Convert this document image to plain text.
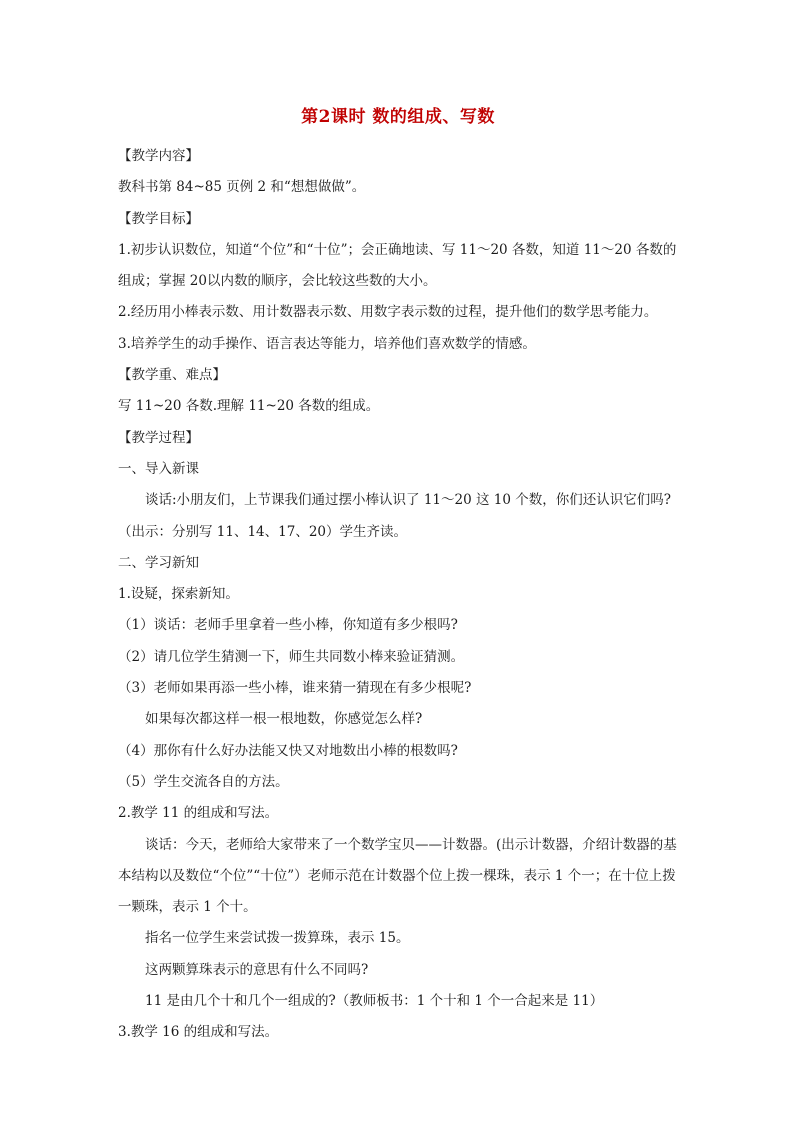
第2课时 数的组成、写数
【教学内容】
教科书第 84~85 页例 2 和“想想做做”。
【教学目标】
1.初步认识数位，知道“个位”和“十位”；会正确地读、写 11～20 各数，知道 11～20 各数的组成；掌握 20以内数的顺序，会比较这些数的大小。
2.经历用小棒表示数、用计数器表示数、用数字表示数的过程，提升他们的数学思考能力。
3.培养学生的动手操作、语言表达等能力，培养他们喜欢数学的情感。
【教学重、难点】
写 11~20 各数.理解 11~20 各数的组成。
【教学过程】
一、导入新课
谈话:小朋友们，上节课我们通过摆小棒认识了 11～20 这 10 个数，你们还认识它们吗?（出示：分别写 11、14、17、20）学生齐读。
二、学习新知
1.设疑，探索新知。
（1）谈话：老师手里拿着一些小棒，你知道有多少根吗?
（2）请几位学生猜测一下，师生共同数小棒来验证猜测。
（3）老师如果再添一些小棒，谁来猜一猜现在有多少根呢?
如果每次都这样一根一根地数，你感觉怎么样?
（4）那你有什么好办法能又快又对地数出小棒的根数吗?
（5）学生交流各自的方法。
2.教学 11 的组成和写法。
谈话：今天，老师给大家带来了一个数学宝贝——计数器。(出示计数器，介绍计数器的基本结构以及数位“个位”“十位”）老师示范在计数器个位上拨一棵珠，表示 1 个一；在十位上拨一颗珠，表示 1 个十。
指名一位学生来尝试拨一拨算珠，表示 15。
这两颗算珠表示的意思有什么不同吗?
11 是由几个十和几个一组成的?（教师板书：1 个十和 1 个一合起来是 11）
3.教学 16 的组成和写法。
